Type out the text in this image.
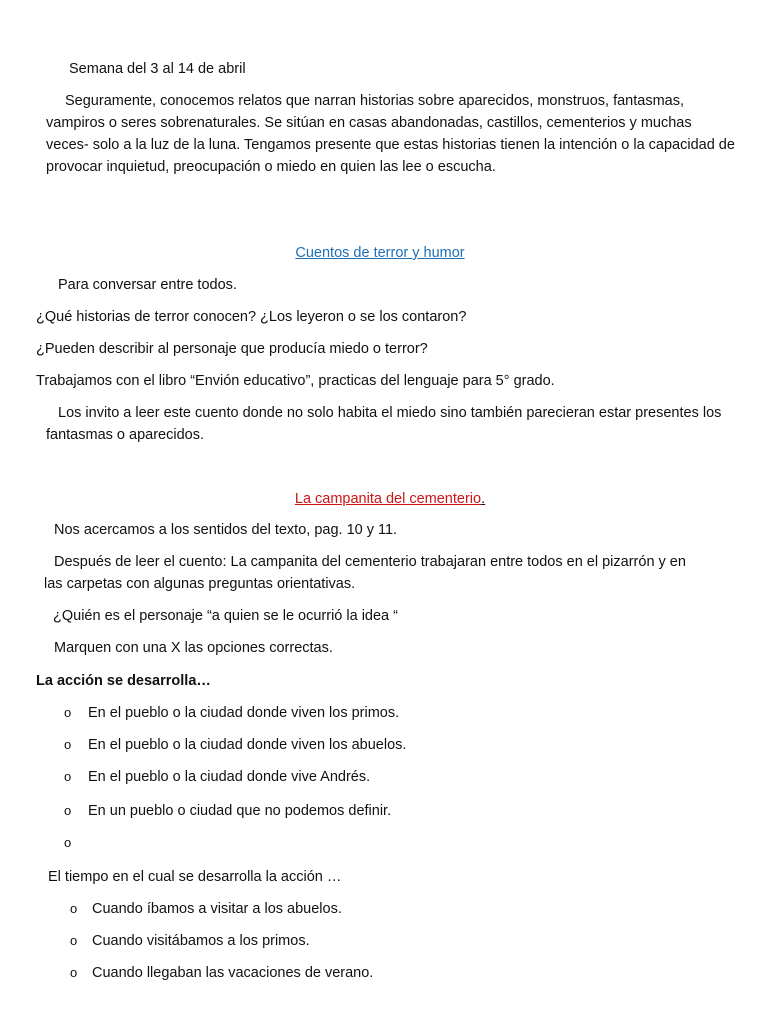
Semana del 3 al 14 de abril
Seguramente, conocemos relatos que narran historias sobre aparecidos, monstruos, fantasmas, vampiros o seres sobrenaturales. Se sitúan en casas abandonadas, castillos, cementerios y muchas veces- solo a la luz de la luna. Tengamos presente que estas historias tienen la intención o la capacidad de provocar inquietud, preocupación o miedo en quien las lee o escucha.
Cuentos de terror y humor
Para conversar entre todos.
¿Qué historias de terror conocen? ¿Los leyeron o se los contaron?
¿Pueden describir al personaje que producía miedo o terror?
Trabajamos con el libro “Envión educativo”, practicas del lenguaje para 5° grado.
Los invito a leer este cuento donde no solo habita el miedo sino también parecieran estar presentes los fantasmas o aparecidos.
La campanita del cementerio.
Nos acercamos a los sentidos del texto, pag. 10 y 11.
Después de leer el cuento: La campanita del cementerio trabajaran entre todos en el pizarrón y en las carpetas con algunas preguntas orientativas.
¿Quién es el personaje “a quien se le ocurrió la idea “
Marquen con una X las opciones correctas.
La acción se desarrolla…
o En el pueblo o la ciudad donde viven los primos.
o En el pueblo o la ciudad donde viven los abuelos.
o En el pueblo o la ciudad donde vive Andrés.
o En un pueblo o ciudad que no podemos definir.
o
El tiempo en el cual se desarrolla la acción …
o Cuando íbamos a visitar a los abuelos.
o Cuando visitábamos a los primos.
o Cuando llegaban las vacaciones de verano.
